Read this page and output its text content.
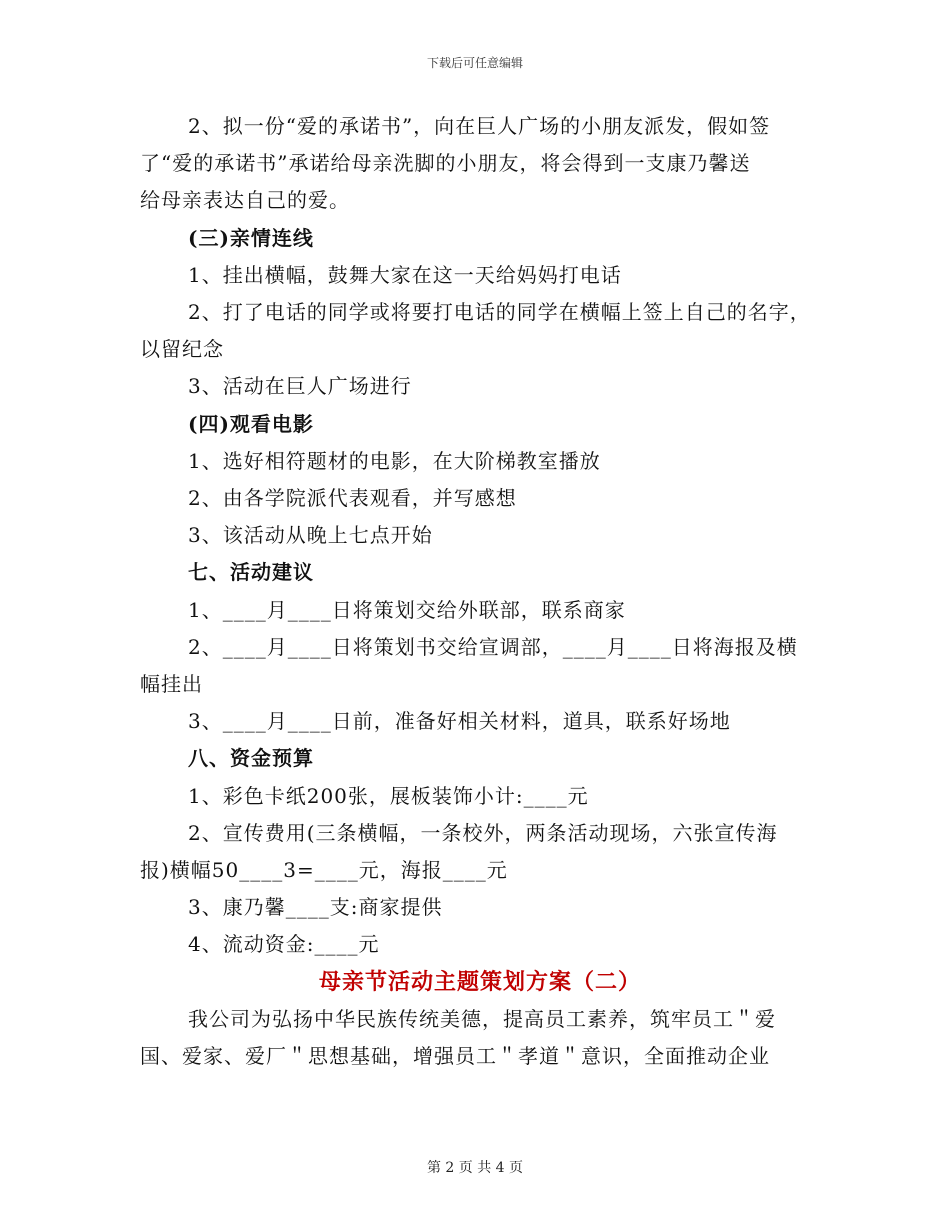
下载后可任意编辑
2、拟一份“爱的承诺书”，向在巨人广场的小朋友派发，假如签
了“爱的承诺书”承诺给母亲洗脚的小朋友，将会得到一支康乃馨送
给母亲表达自己的爱。
(三)亲情连线
1、挂出横幅，鼓舞大家在这一天给妈妈打电话
2、打了电话的同学或将要打电话的同学在横幅上签上自己的名字，
以留纪念
3、活动在巨人广场进行
(四)观看电影
1、选好相符题材的电影，在大阶梯教室播放
2、由各学院派代表观看，并写感想
3、该活动从晚上七点开始
七、活动建议
1、____月____日将策划交给外联部，联系商家
2、____月____日将策划书交给宣调部，____月____日将海报及横
幅挂出
3、____月____日前，准备好相关材料，道具，联系好场地
八、资金预算
1、彩色卡纸200张，展板装饰小计:____元
2、宣传费用(三条横幅，一条校外，两条活动现场，六张宣传海
报)横幅50____3=____元，海报____元
3、康乃馨____支:商家提供
4、流动资金:____元
母亲节活动主题策划方案（二）
我公司为弘扬中华民族传统美德，提高员工素养，筑牢员工＂爱
国、爱家、爱厂＂思想基础，增强员工＂孝道＂意识，全面推动企业
第 2 页 共 4 页
